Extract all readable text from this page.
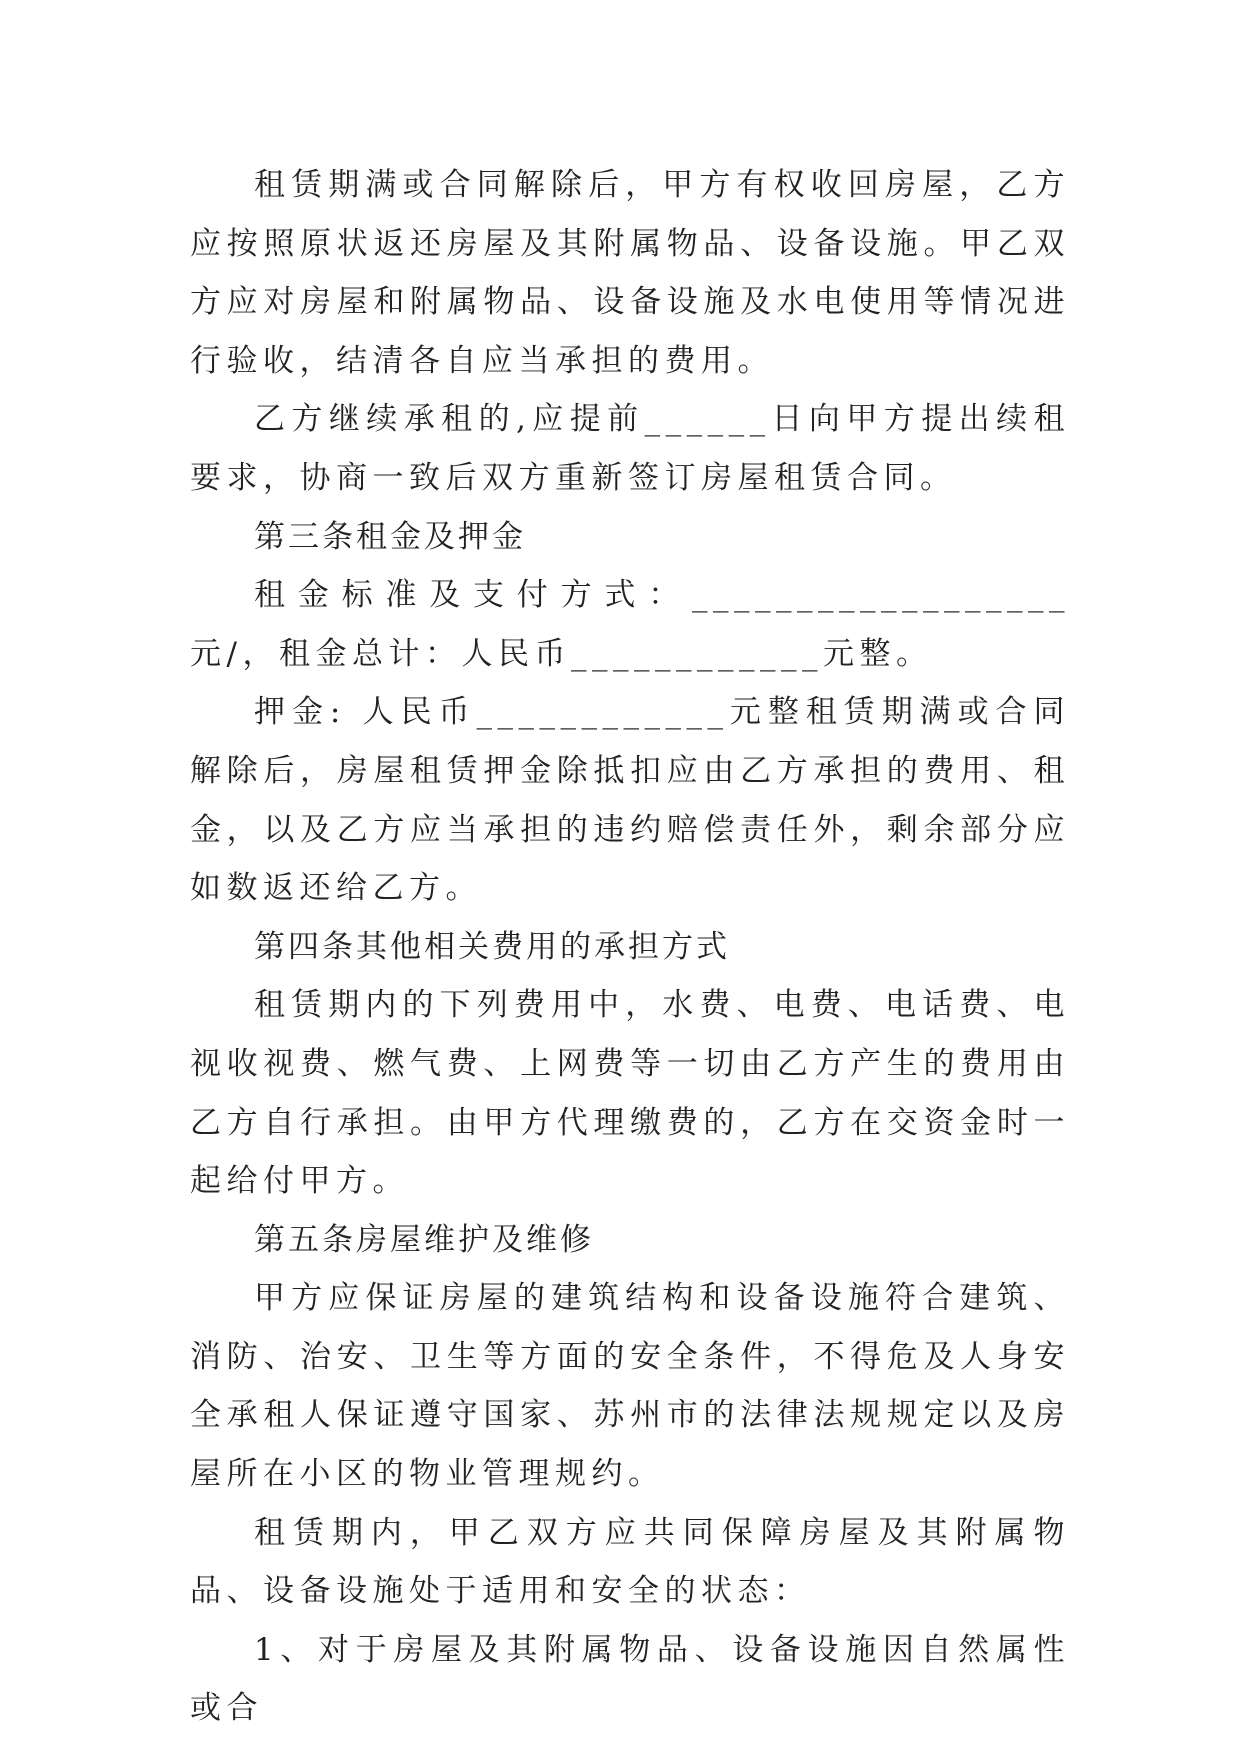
租赁期满或合同解除后，甲方有权收回房屋，乙方应按照原状返还房屋及其附属物品、设备设施。甲乙双方应对房屋和附属物品、设备设施及水电使用等情况进行验收，结清各自应当承担的费用。

乙方继续承租的,应提前______日向甲方提出续租要求，协商一致后双方重新签订房屋租赁合同。

第三条租金及押金

租金标准及支付方式：__________________元/，租金总计：人民币____________元整。

押金: 人民币____________元整租赁期满或合同解除后，房屋租赁押金除抵扣应由乙方承担的费用、租金，以及乙方应当承担的违约赔偿责任外，剩余部分应如数返还给乙方。

第四条其他相关费用的承担方式

租赁期内的下列费用中，水费、电费、电话费、电视收视费、燃气费、上网费等一切由乙方产生的费用由乙方自行承担。由甲方代理缴费的，乙方在交资金时一起给付甲方。

第五条房屋维护及维修

甲方应保证房屋的建筑结构和设备设施符合建筑、消防、治安、卫生等方面的安全条件，不得危及人身安全承租人保证遵守国家、苏州市的法律法规规定以及房屋所在小区的物业管理规约。

租赁期内，甲乙双方应共同保障房屋及其附属物品、设备设施处于适用和安全的状态：

1、对于房屋及其附属物品、设备设施因自然属性或合
